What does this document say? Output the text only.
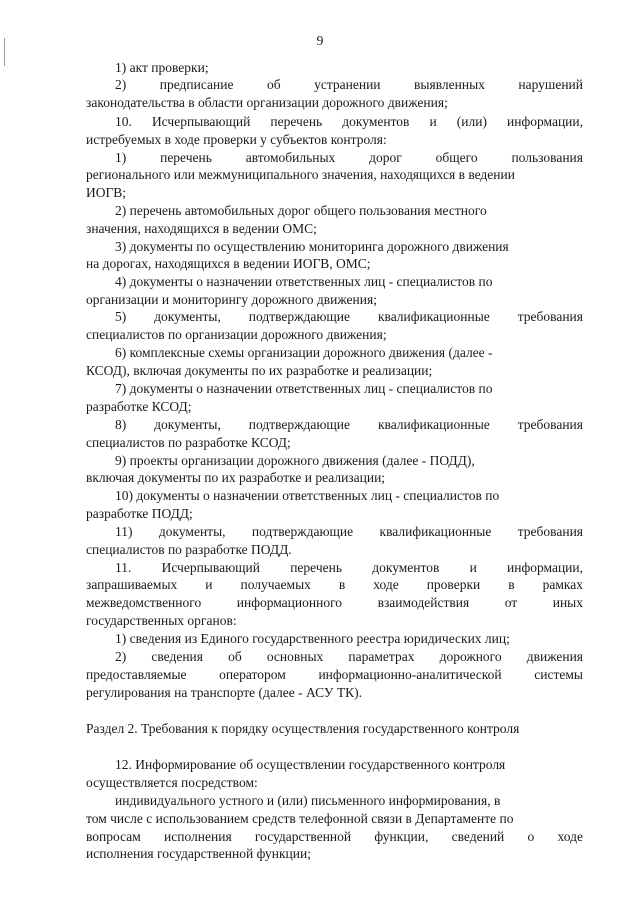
9
1) акт проверки;
2) предписание об устранении выявленных нарушений
законодательства в области организации дорожного движения;
10. Исчерпывающий перечень документов и (или) информации,
истребуемых в ходе проверки у субъектов контроля:
1) перечень автомобильных дорог общего пользования
регионального или межмуниципального значения, находящихся в ведении
ИОГВ;
2) перечень автомобильных дорог общего пользования местного
значения, находящихся в ведении ОМС;
3) документы по осуществлению мониторинга дорожного движения
на дорогах, находящихся в ведении ИОГВ, ОМС;
4) документы о назначении ответственных лиц - специалистов по
организации и мониторингу дорожного движения;
5) документы, подтверждающие квалификационные требования
специалистов по организации дорожного движения;
6) комплексные схемы организации дорожного движения (далее -
КСОД), включая документы по их разработке и реализации;
7) документы о назначении ответственных лиц - специалистов по
разработке КСОД;
8) документы, подтверждающие квалификационные требования
специалистов по разработке КСОД;
9) проекты организации дорожного движения (далее - ПОДД),
включая документы по их разработке и реализации;
10) документы о назначении ответственных лиц - специалистов по
разработке ПОДД;
11) документы, подтверждающие квалификационные требования
специалистов по разработке ПОДД.
11. Исчерпывающий перечень документов и информации,
запрашиваемых и получаемых в ходе проверки в рамках
межведомственного информационного взаимодействия от иных
государственных органов:
1) сведения из Единого государственного реестра юридических лиц;
2) сведения об основных параметрах дорожного движения
предоставляемые оператором информационно-аналитической системы
регулирования на транспорте (далее - АСУ ТК).
Раздел 2. Требования к порядку осуществления государственного контроля
12. Информирование об осуществлении государственного контроля
осуществляется посредством:
индивидуального устного и (или) письменного информирования, в
том числе с использованием средств телефонной связи в Департаменте по
вопросам исполнения государственной функции, сведений о ходе
исполнения государственной функции;
